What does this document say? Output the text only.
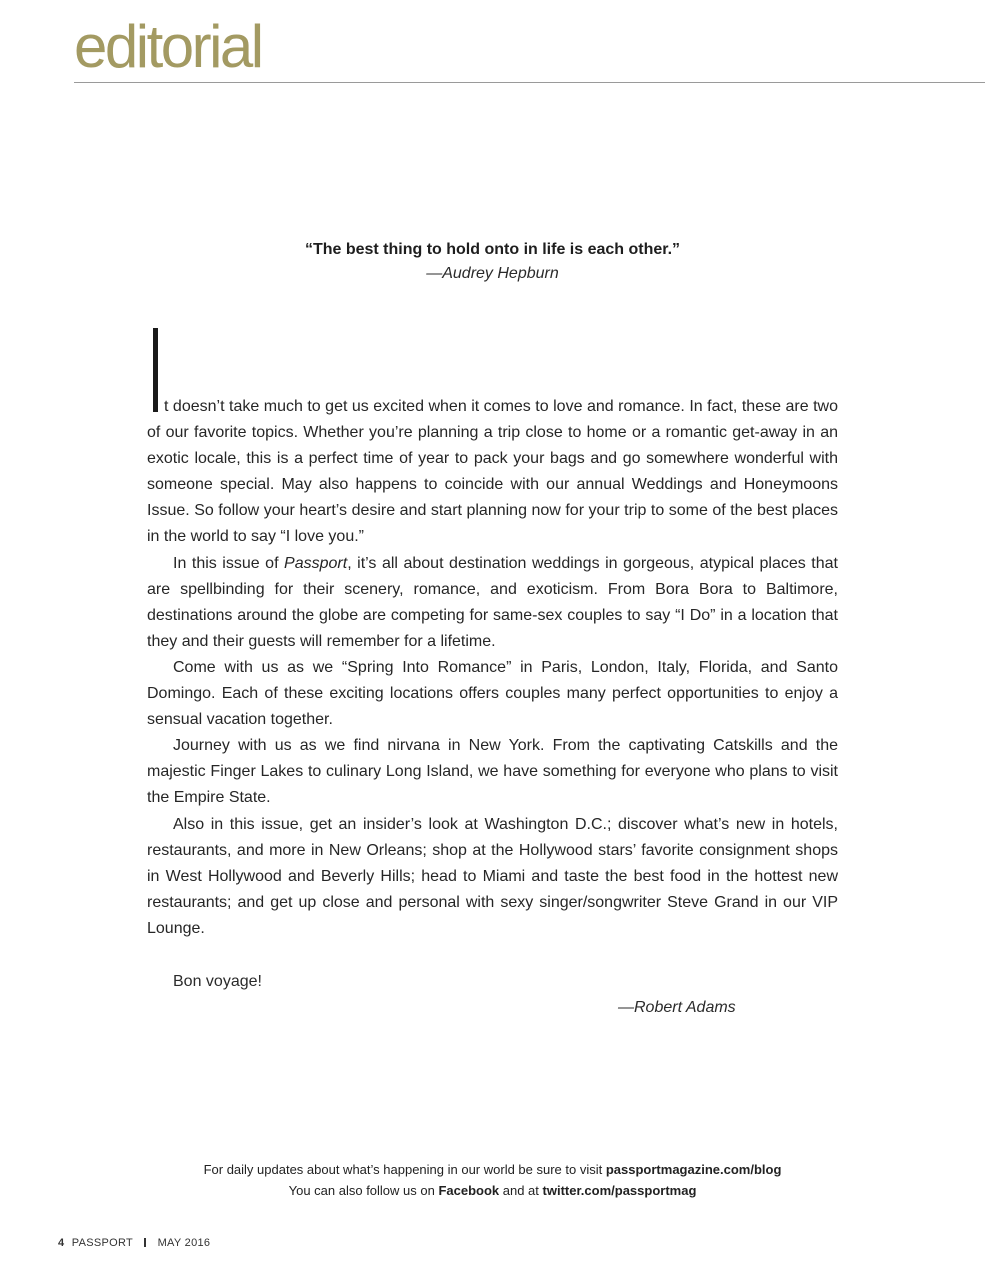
editorial
“The best thing to hold onto in life is each other.”
—Audrey Hepburn

t doesn’t take much to get us excited when it comes to love and romance. In fact, these are two of our favorite topics. Whether you’re planning a trip close to home or a romantic get-away in an exotic locale, this is a perfect time of year to pack your bags and go somewhere wonderful with someone special. May also happens to coincide with our annual Weddings and Honeymoons Issue. So follow your heart’s desire and start planning now for your trip to some of the best places in the world to say “I love you.”

In this issue of Passport, it’s all about destination weddings in gorgeous, atypical places that are spellbinding for their scenery, romance, and exoticism. From Bora Bora to Baltimore, destinations around the globe are competing for same-sex couples to say “I Do” in a location that they and their guests will remember for a lifetime.

Come with us as we “Spring Into Romance” in Paris, London, Italy, Florida, and Santo Domingo. Each of these exciting locations offers couples many perfect opportunities to enjoy a sensual vacation together.

Journey with us as we find nirvana in New York. From the captivating Catskills and the majestic Finger Lakes to culinary Long Island, we have something for everyone who plans to visit the Empire State.

Also in this issue, get an insider’s look at Washington D.C.; discover what’s new in hotels, restaurants, and more in New Orleans; shop at the Hollywood stars’ favorite consignment shops in West Hollywood and Beverly Hills; head to Miami and taste the best food in the hottest new restaurants; and get up close and personal with sexy singer/songwriter Steve Grand in our VIP Lounge.

Bon voyage!
—Robert Adams
For daily updates about what’s happening in our world be sure to visit passportmagazine.com/blog
You can also follow us on Facebook and at twitter.com/passportmag
4 PASSPORT MAY 2016
